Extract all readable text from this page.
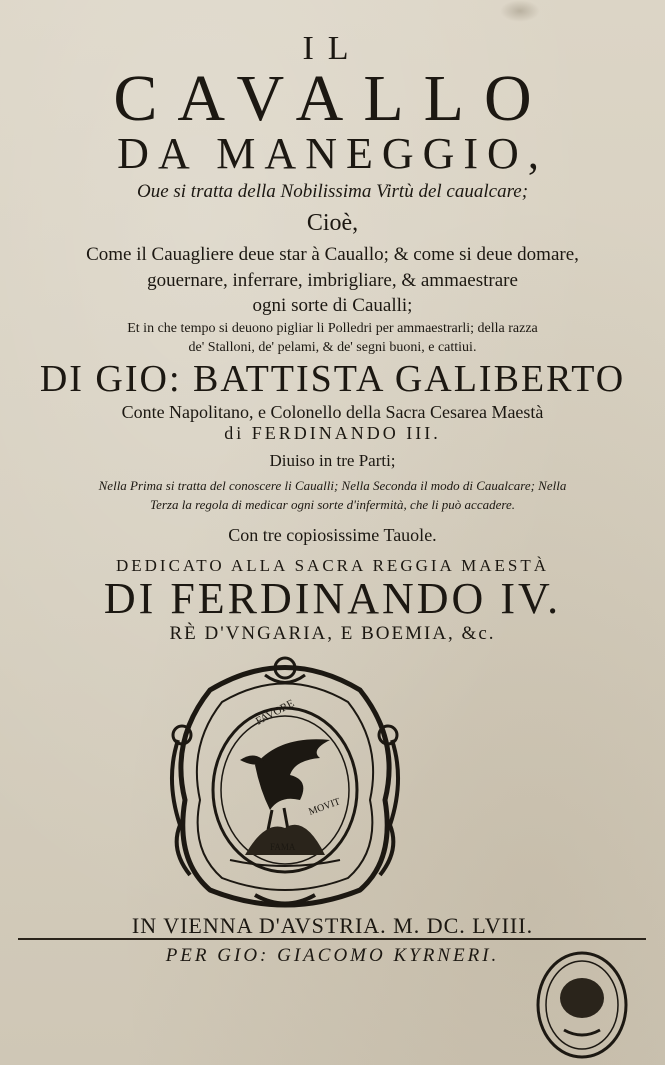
IL
CAVALLO
DA MANEGGIO,
Oue si tratta della Nobilissima Virtù del caualcare;
Cioè,
Come il Cauagliere deue star à Cauallo; & come si deue domare,
gouernare, inferrare, imbrigliare, & ammaestrare
ogni sorte di Caualli;
Et in che tempo si deuono pigliar li Polledri per ammaestrarli; della razza
de' Stalloni, de' pelami, & de' segni buoni, e cattiui.
DI GIO: BATTISTA GALIBERTO
Conte Napolitano, e Colonello della Sacra Cesarea Maestà
di FERDINANDO III.
Diuiso in tre Parti;
Nella Prima si tratta del conoscere li Caualli; Nella Seconda il modo di Caualcare; Nella
Terza la regola di medicar ogni sorte d'infermità, che li può accadere.
Con tre copiosissime Tauole.
DEDICATO ALLA SACRA REGGIA MAESTÀ
DI FERDINANDO IV.
RÈ D'VNGARIA, E BOEMIA, &c.
FAVORE
MOVIT
FAMA
IN VIENNA D'AVSTRIA. M. DC. LVIII.
PER GIO: GIACOMO KYRNERI.
